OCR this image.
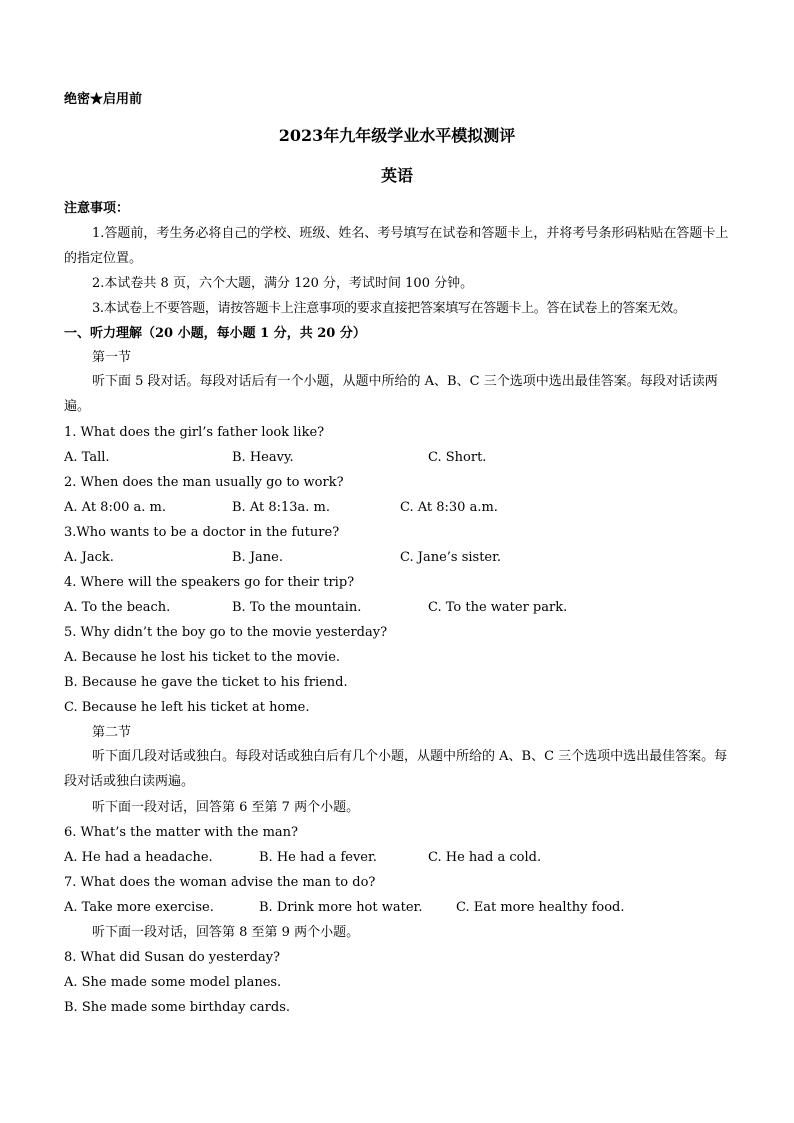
绝密★启用前
2023年九年级学业水平模拟测评
英语
注意事项：
1.答题前，考生务必将自己的学校、班级、姓名、考号填写在试卷和答题卡上，并将考号条形码粘贴在答题卡上的指定位置。
2.本试卷共 8 页，六个大题，满分 120 分，考试时间 100 分钟。
3.本试卷上不要答题，请按答题卡上注意事项的要求直接把答案填写在答题卡上。答在试卷上的答案无效。
一、听力理解（20 小题，每小题 1 分，共 20 分）
第一节
听下面 5 段对话。每段对话后有一个小题，从题中所给的 A、B、C 三个选项中选出最佳答案。每段对话读两遍。
1. What does the girl’s father look like?
A. Tall.	B. Heavy.	C. Short.
2. When does the man usually go to work?
A. At 8:00 a. m.	B. At 8:13a. m.	C. At 8:30 a.m.
3.Who wants to be a doctor in the future?
A. Jack.	B. Jane.	C. Jane’s sister.
4. Where will the speakers go for their trip?
A. To the beach.	B. To the mountain.	C. To the water park.
5. Why didn’t the boy go to the movie yesterday?
A. Because he lost his ticket to the movie.
B. Because he gave the ticket to his friend.
C. Because he left his ticket at home.
第二节
听下面几段对话或独白。每段对话或独白后有几个小题，从题中所给的 A、B、C 三个选项中选出最佳答案。每段对话或独白读两遍。
听下面一段对话，回答第 6 至第 7 两个小题。
6. What’s the matter with the man?
A. He had a headache.	B. He had a fever.	C. He had a cold.
7. What does the woman advise the man to do?
A. Take more exercise.	B. Drink more hot water.	C. Eat more healthy food.
听下面一段对话，回答第 8 至第 9 两个小题。
8. What did Susan do yesterday?
A. She made some model planes.
B. She made some birthday cards.
